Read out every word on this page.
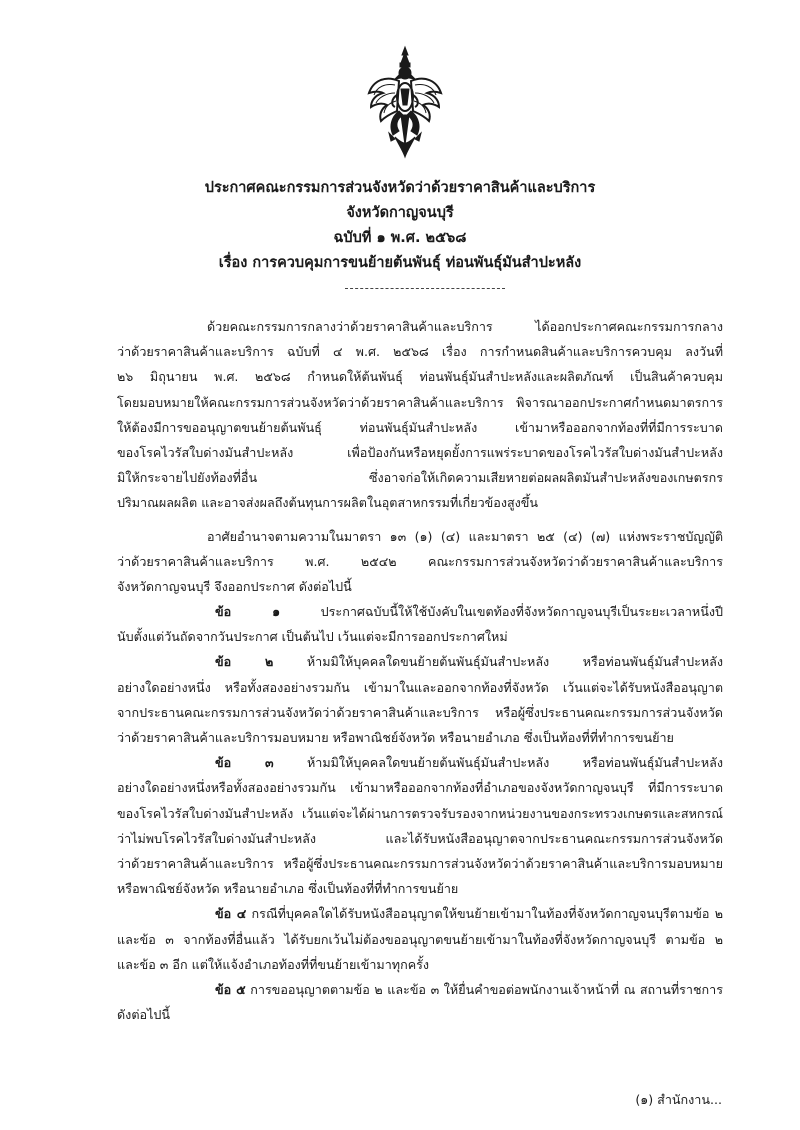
ประกาศคณะกรรมการส่วนจังหวัดว่าด้วยราคาสินค้าและบริการ
จังหวัดกาญจนบุรี
ฉบับที่ ๑ พ.ศ. ๒๕๖๘
เรื่อง การควบคุมการขนย้ายต้นพันธุ์ ท่อนพันธุ์มันสำปะหลัง
ด้วยคณะกรรมการกลางว่าด้วยราคาสินค้าและบริการ ได้ออกประกาศคณะกรรมการกลาง
ว่าด้วยราคาสินค้าและบริการ ฉบับที่ ๔ พ.ศ. ๒๕๖๘ เรื่อง การกำหนดสินค้าและบริการควบคุม ลงวันที่
๒๖ มิถุนายน พ.ศ. ๒๕๖๘ กำหนดให้ต้นพันธุ์ ท่อนพันธุ์มันสำปะหลังและผลิตภัณฑ์ เป็นสินค้าควบคุม
โดยมอบหมายให้คณะกรรมการส่วนจังหวัดว่าด้วยราคาสินค้าและบริการ พิจารณาออกประกาศกำหนดมาตรการ
ให้ต้องมีการขออนุญาตขนย้ายต้นพันธุ์ ท่อนพันธุ์มันสำปะหลัง เข้ามาหรือออกจากท้องที่ที่มีการระบาด
ของโรคไวรัสใบด่างมันสำปะหลัง เพื่อป้องกันหรือหยุดยั้งการแพร่ระบาดของโรคไวรัสใบด่างมันสำปะหลัง
มิให้กระจายไปยังท้องที่อื่น ซึ่งอาจก่อให้เกิดความเสียหายต่อผลผลิตมันสำปะหลังของเกษตรกร
ปริมาณผลผลิต และอาจส่งผลถึงต้นทุนการผลิตในอุตสาหกรรมที่เกี่ยวข้องสูงขึ้น
อาศัยอำนาจตามความในมาตรา ๑๓ (๑) (๔) และมาตรา ๒๕ (๔) (๗) แห่งพระราชบัญญัติ
ว่าด้วยราคาสินค้าและบริการ พ.ศ. ๒๕๔๒ คณะกรรมการส่วนจังหวัดว่าด้วยราคาสินค้าและบริการ
จังหวัดกาญจนบุรี จึงออกประกาศ ดังต่อไปนี้
ข้อ ๑ ประกาศฉบับนี้ให้ใช้บังคับในเขตท้องที่จังหวัดกาญจนบุรีเป็นระยะเวลาหนึ่งปี
นับตั้งแต่วันถัดจากวันประกาศ เป็นต้นไป เว้นแต่จะมีการออกประกาศใหม่
ข้อ ๒ ห้ามมิให้บุคคลใดขนย้ายต้นพันธุ์มันสำปะหลัง หรือท่อนพันธุ์มันสำปะหลัง
อย่างใดอย่างหนึ่ง หรือทั้งสองอย่างรวมกัน เข้ามาในและออกจากท้องที่จังหวัด เว้นแต่จะได้รับหนังสืออนุญาต
จากประธานคณะกรรมการส่วนจังหวัดว่าด้วยราคาสินค้าและบริการ หรือผู้ซึ่งประธานคณะกรรมการส่วนจังหวัด
ว่าด้วยราคาสินค้าและบริการมอบหมาย หรือพาณิชย์จังหวัด หรือนายอำเภอ ซึ่งเป็นท้องที่ที่ทำการขนย้าย
ข้อ ๓ ห้ามมิให้บุคคลใดขนย้ายต้นพันธุ์มันสำปะหลัง หรือท่อนพันธุ์มันสำปะหลัง
อย่างใดอย่างหนึ่งหรือทั้งสองอย่างรวมกัน เข้ามาหรือออกจากท้องที่อำเภอของจังหวัดกาญจนบุรี ที่มีการระบาด
ของโรคไวรัสใบด่างมันสำปะหลัง เว้นแต่จะได้ผ่านการตรวจรับรองจากหน่วยงานของกระทรวงเกษตรและสหกรณ์
ว่าไม่พบโรคไวรัสใบด่างมันสำปะหลัง และได้รับหนังสืออนุญาตจากประธานคณะกรรมการส่วนจังหวัด
ว่าด้วยราคาสินค้าและบริการ หรือผู้ซึ่งประธานคณะกรรมการส่วนจังหวัดว่าด้วยราคาสินค้าและบริการมอบหมาย
หรือพาณิชย์จังหวัด หรือนายอำเภอ ซึ่งเป็นท้องที่ที่ทำการขนย้าย
ข้อ ๔ กรณีที่บุคคลใดได้รับหนังสืออนุญาตให้ขนย้ายเข้ามาในท้องที่จังหวัดกาญจนบุรีตามข้อ ๒
และข้อ ๓ จากท้องที่อื่นแล้ว ได้รับยกเว้นไม่ต้องขออนุญาตขนย้ายเข้ามาในท้องที่จังหวัดกาญจนบุรี ตามข้อ ๒
และข้อ ๓ อีก แต่ให้แจ้งอำเภอท้องที่ที่ขนย้ายเข้ามาทุกครั้ง
ข้อ ๕ การขออนุญาตตามข้อ ๒ และข้อ ๓ ให้ยื่นคำขอต่อพนักงานเจ้าหน้าที่ ณ สถานที่ราชการ
ดังต่อไปนี้
(๑) สำนักงาน...
